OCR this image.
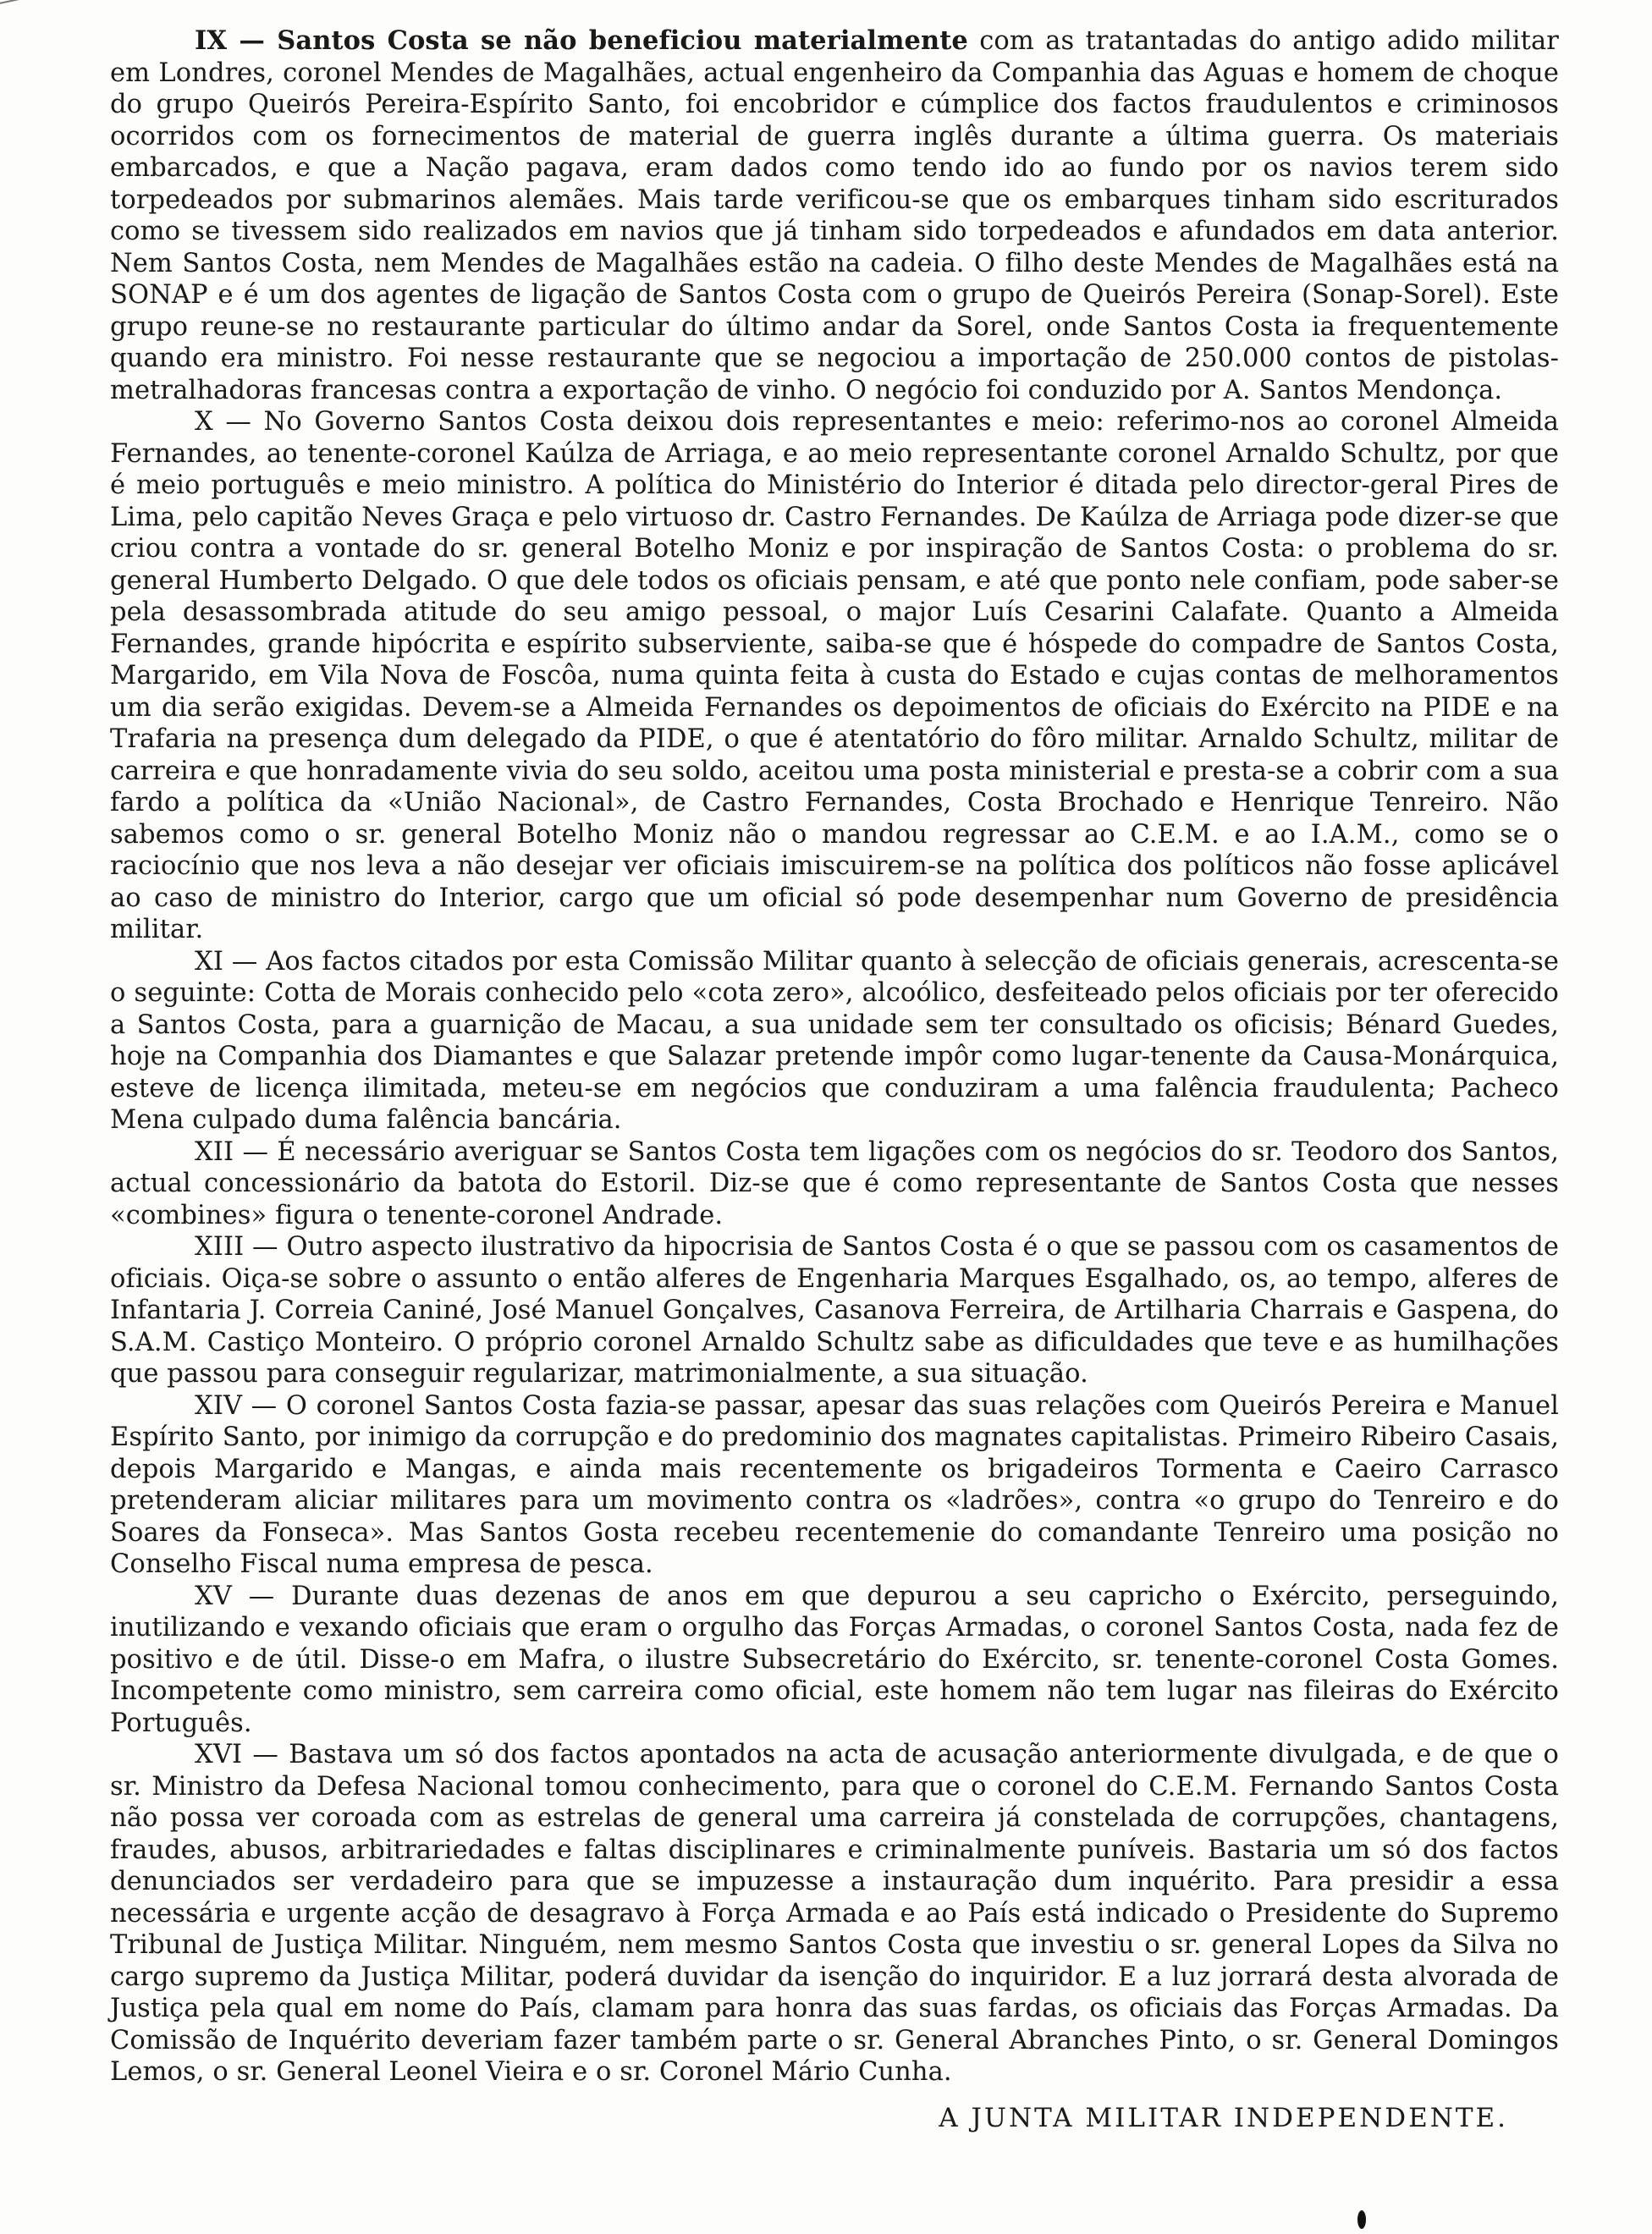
IX — Santos Costa se não beneficiou materialmente com as tratantadas do antigo adido militar em Londres, coronel Mendes de Magalhães, actual engenheiro da Companhia das Aguas e homem de choque do grupo Queirós Pereira-Espírito Santo, foi encobridor e cúmplice dos factos fraudulentos e criminosos ocorridos com os fornecimentos de material de guerra inglês durante a última guerra. Os materiais embarcados, e que a Nação pagava, eram dados como tendo ido ao fundo por os navios terem sido torpedeados por submarinos alemães. Mais tarde verificou-se que os embarques tinham sido escriturados como se tivessem sido realizados em navios que já tinham sido torpedeados e afundados em data anterior. Nem Santos Costa, nem Mendes de Magalhães estão na cadeia. O filho deste Mendes de Magalhães está na SONAP e é um dos agentes de ligação de Santos Costa com o grupo de Queirós Pereira (Sonap-Sorel). Este grupo reune-se no restaurante particular do último andar da Sorel, onde Santos Costa ia frequentemente quando era ministro. Foi nesse restaurante que se negociou a importação de 250.000 contos de pistolas-metralhadoras francesas contra a exportação de vinho. O negócio foi conduzido por A. Santos Mendonça.

X — No Governo Santos Costa deixou dois representantes e meio: referimo-nos ao coronel Almeida Fernandes, ao tenente-coronel Kaúlza de Arriaga, e ao meio representante coronel Arnaldo Schultz, por que é meio português e meio ministro. A política do Ministério do Interior é ditada pelo director-geral Pires de Lima, pelo capitão Neves Graça e pelo virtuoso dr. Castro Fernandes. De Kaúlza de Arriaga pode dizer-se que criou contra a vontade do sr. general Botelho Moniz e por inspiração de Santos Costa: o problema do sr. general Humberto Delgado. O que dele todos os oficiais pensam, e até que ponto nele confiam, pode saber-se pela desassombrada atitude do seu amigo pessoal, o major Luís Cesarini Calafate. Quanto a Almeida Fernandes, grande hipócrita e espírito subserviente, saiba-se que é hóspede do compadre de Santos Costa, Margarido, em Vila Nova de Foscôa, numa quinta feita à custa do Estado e cujas contas de melhoramentos um dia serão exigidas. Devem-se a Almeida Fernandes os depoimentos de oficiais do Exército na PIDE e na Trafaria na presença dum delegado da PIDE, o que é atentatório do fôro militar. Arnaldo Schultz, militar de carreira e que honradamente vivia do seu soldo, aceitou uma posta ministerial e presta-se a cobrir com a sua fardo a política da «União Nacional», de Castro Fernandes, Costa Brochado e Henrique Tenreiro. Não sabemos como o sr. general Botelho Moniz não o mandou regressar ao C.E.M. e ao I.A.M., como se o raciocínio que nos leva a não desejar ver oficiais imiscuirem-se na política dos políticos não fosse aplicável ao caso de ministro do Interior, cargo que um oficial só pode desempenhar num Governo de presidência militar.

XI — Aos factos citados por esta Comissão Militar quanto à selecção de oficiais generais, acrescenta-se o seguinte: Cotta de Morais conhecido pelo «cota zero», alcoólico, desfeiteado pelos oficiais por ter oferecido a Santos Costa, para a guarnição de Macau, a sua unidade sem ter consultado os oficisis; Bénard Guedes, hoje na Companhia dos Diamantes e que Salazar pretende impôr como lugar-tenente da Causa-Monárquica, esteve de licença ilimitada, meteu-se em negócios que conduziram a uma falência fraudulenta; Pacheco Mena culpado duma falência bancária.

XII — É necessário averiguar se Santos Costa tem ligações com os negócios do sr. Teodoro dos Santos, actual concessionário da batota do Estoril. Diz-se que é como representante de Santos Costa que nesses «combines» figura o tenente-coronel Andrade.

XIII — Outro aspecto ilustrativo da hipocrisia de Santos Costa é o que se passou com os casamentos de oficiais. Oiça-se sobre o assunto o então alferes de Engenharia Marques Esgalhado, os, ao tempo, alferes de Infantaria J. Correia Caniné, José Manuel Gonçalves, Casanova Ferreira, de Artilharia Charrais e Gaspena, do S.A.M. Castiço Monteiro. O próprio coronel Arnaldo Schultz sabe as dificuldades que teve e as humilhações que passou para conseguir regularizar, matrimonialmente, a sua situação.

XIV — O coronel Santos Costa fazia-se passar, apesar das suas relações com Queirós Pereira e Manuel Espírito Santo, por inimigo da corrupção e do predominio dos magnates capitalistas. Primeiro Ribeiro Casais, depois Margarido e Mangas, e ainda mais recentemente os brigadeiros Tormenta e Caeiro Carrasco pretenderam aliciar militares para um movimento contra os «ladrões», contra «o grupo do Tenreiro e do Soares da Fonseca». Mas Santos Gosta recebeu recentemenie do comandante Tenreiro uma posição no Conselho Fiscal numa empresa de pesca.

XV — Durante duas dezenas de anos em que depurou a seu capricho o Exército, perseguindo, inutilizando e vexando oficiais que eram o orgulho das Forças Armadas, o coronel Santos Costa, nada fez de positivo e de útil. Disse-o em Mafra, o ilustre Subsecretário do Exército, sr. tenente-coronel Costa Gomes. Incompetente como ministro, sem carreira como oficial, este homem não tem lugar nas fileiras do Exército Português.

XVI — Bastava um só dos factos apontados na acta de acusação anteriormente divulgada, e de que o sr. Ministro da Defesa Nacional tomou conhecimento, para que o coronel do C.E.M. Fernando Santos Costa não possa ver coroada com as estrelas de general uma carreira já constelada de corrupções, chantagens, fraudes, abusos, arbitrariedades e faltas disciplinares e criminalmente puníveis. Bastaria um só dos factos denunciados ser verdadeiro para que se impuzesse a instauração dum inquérito. Para presidir a essa necessária e urgente acção de desagravo à Força Armada e ao País está indicado o Presidente do Supremo Tribunal de Justiça Militar. Ninguém, nem mesmo Santos Costa que investiu o sr. general Lopes da Silva no cargo supremo da Justiça Militar, poderá duvidar da isenção do inquiridor. E a luz jorrará desta alvorada de Justiça pela qual em nome do País, clamam para honra das suas fardas, os oficiais das Forças Armadas. Da Comissão de Inquérito deveriam fazer também parte o sr. General Abranches Pinto, o sr. General Domingos Lemos, o sr. General Leonel Vieira e o sr. Coronel Mário Cunha.

A JUNTA MILITAR INDEPENDENTE.
